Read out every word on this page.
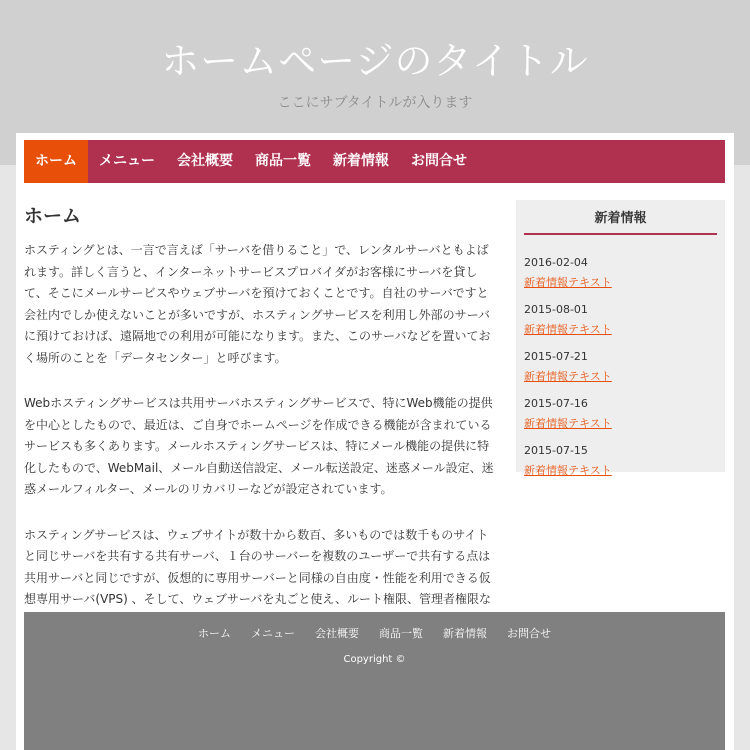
ホームページのタイトル
ここにサブタイトルが入ります
ホーム	メニュー	会社概要	商品一覧	新着情報	お問合せ
ホーム

ホスティングとは、一言で言えば「サーバを借りること」で、レンタルサーバともよばれます。詳しく言うと、インターネットサービスプロバイダがお客様にサーバを貸して、そこにメールサービスやウェブサーバを預けておくことです。自社のサーバですと会社内でしか使えないことが多いですが、ホスティングサービスを利用し外部のサーバに預けておけば、遠隔地での利用が可能になります。また、このサーバなどを置いておく場所のことを「データセンター」と呼びます。

Webホスティングサービスは共用サーバホスティングサービスで、特にWeb機能の提供を中心としたもので、最近は、ご自身でホームページを作成できる機能が含まれているサービスも多くあります。メールホスティングサービスは、特にメール機能の提供に特化したもので、WebMail、メール自動送信設定、メール転送設定、迷惑メール設定、迷惑メールフィルター、メールのリカバリーなどが設定されています。

ホスティングサービスは、ウェブサイトが数十から数百、多いものでは数千ものサイトと同じサーバを共有する共有サーバ、１台のサーバーを複数のユーザーで共有する点は共用サーバと同じですが、仮想的に専用サーバーと同様の自由度・性能を利用できる仮想専用サーバ(VPS) 、そして、ウェブサーバを丸ごと使え、ルート権限、管理者権限な

新着情報
2016-02-04
新着情報テキスト
2015-08-01
新着情報テキスト
2015-07-21
新着情報テキスト
2015-07-16
新着情報テキスト
2015-07-15
新着情報テキスト
ホーム	メニュー	会社概要	商品一覧	新着情報	お問合せ
Copyright ©
